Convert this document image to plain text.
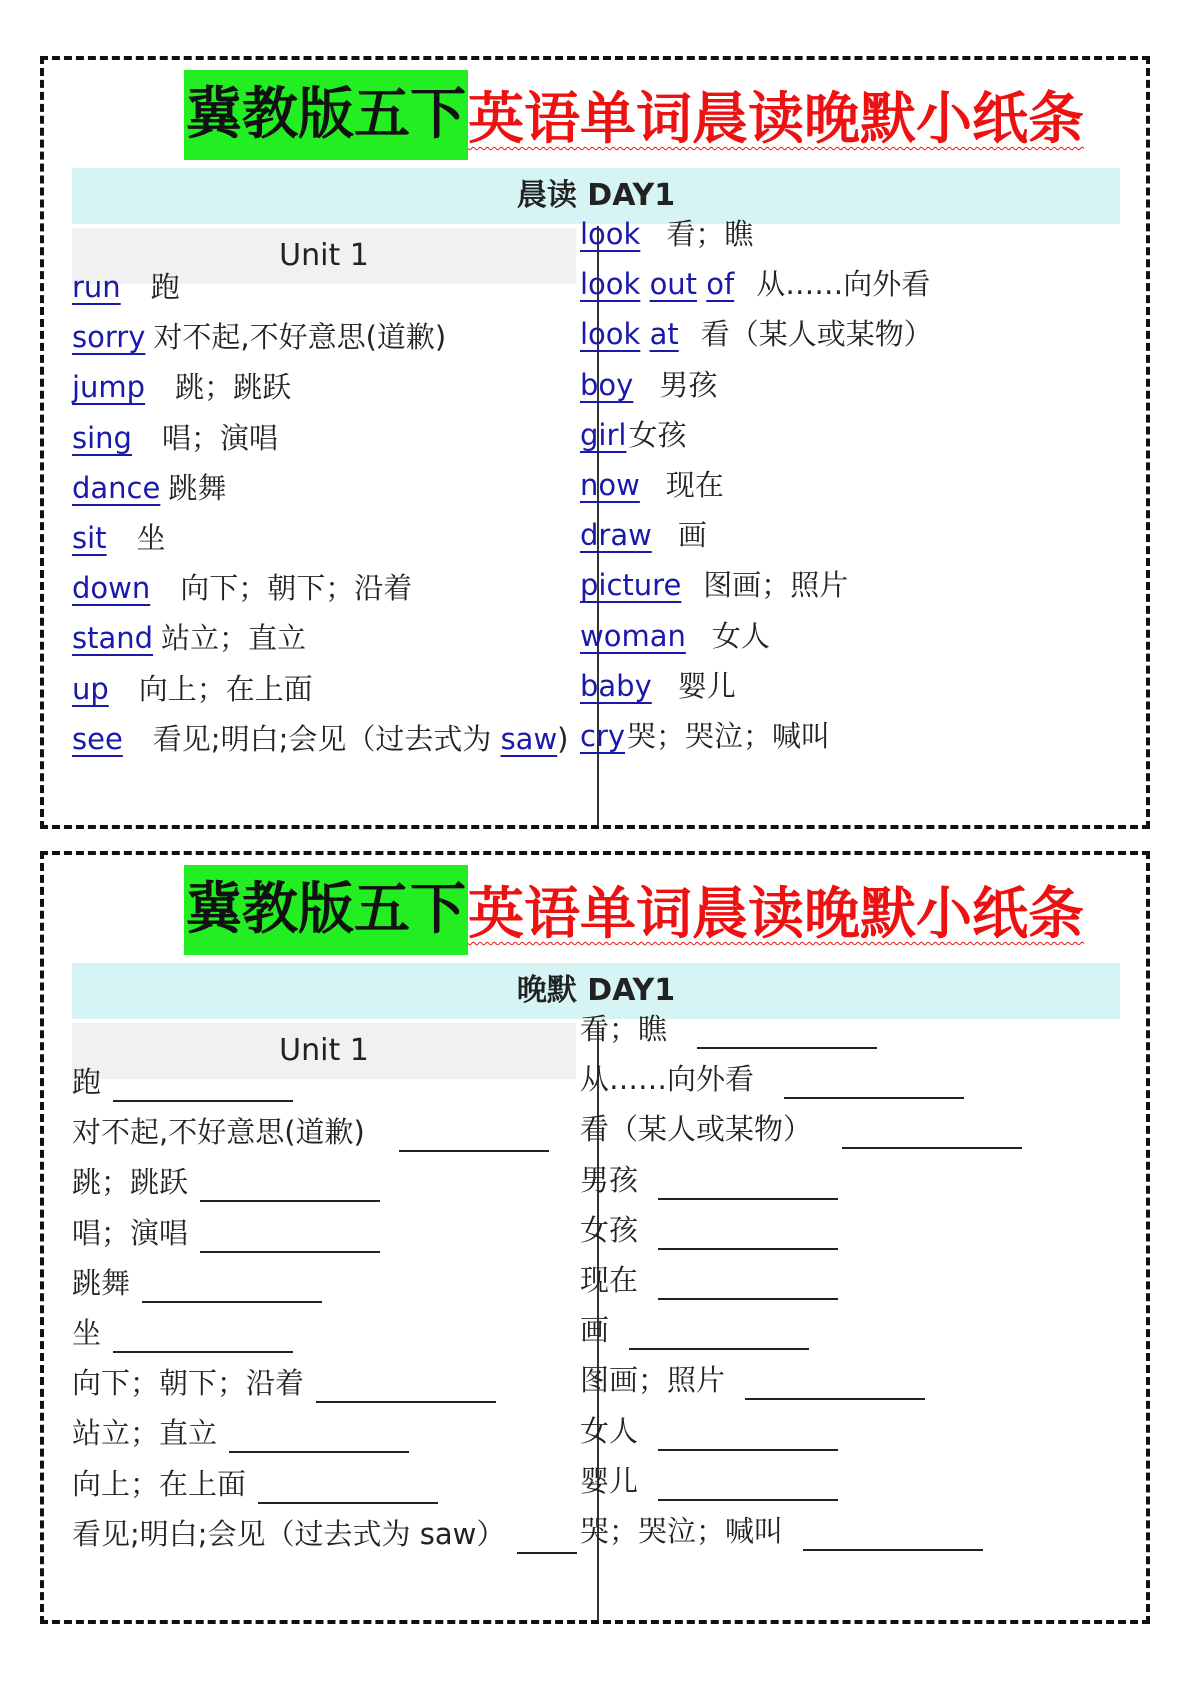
冀教版五下 英语单词晨读晚默小纸条
晨读 DAY1
Unit 1
run 跑
sorry 对不起,不好意思(道歉)
jump 跳；跳跃
sing 唱；演唱
dance 跳舞
sit 坐
down 向下；朝下；沿着
stand 站立；直立
up 向上；在上面
see 看见;明白;会见（过去式为 saw)
look 看；瞧
look out of 从……向外看
look at 看（某人或某物）
boy 男孩
girl女孩
now 现在
draw 画
picture 图画；照片
woman 女人
baby 婴儿
cry哭；哭泣；喊叫
冀教版五下 英语单词晨读晚默小纸条
晚默 DAY1
Unit 1
跑
对不起,不好意思(道歉)
跳；跳跃
唱；演唱
跳舞
坐
向下；朝下；沿着
站立；直立
向上；在上面
看见;明白;会见（过去式为 saw）
看；瞧
从……向外看
看（某人或某物）
男孩
女孩
现在
画
图画；照片
女人
婴儿
哭；哭泣；喊叫
